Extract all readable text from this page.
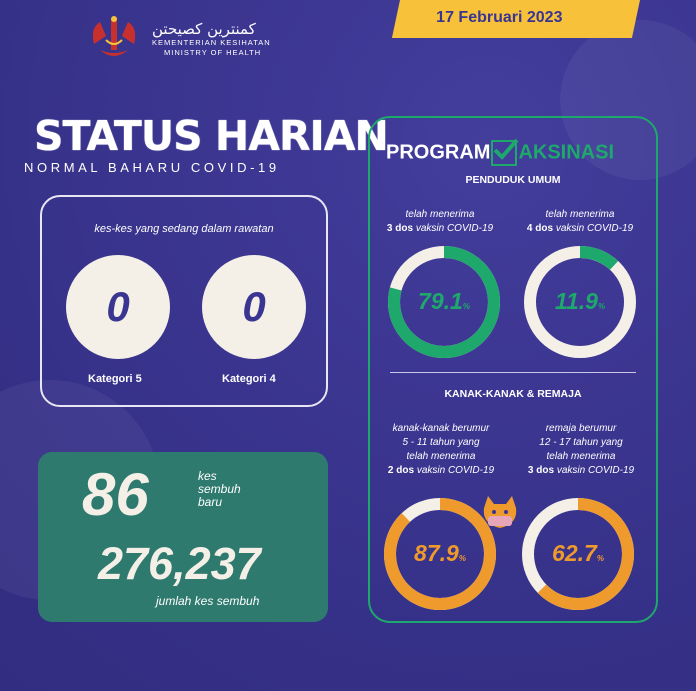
کمنترين کصيحتن
KEMENTERIAN KESIHATAN
MINISTRY OF HEALTH
17 Februari 2023
STATUS HARIAN
NORMAL BAHARU COVID-19
kes-kes yang sedang dalam rawatan
0	0
Kategori 5	Kategori 4
86	kes
sembuh
baru
276,237
jumlah kes sembuh
PROGRAM AKSINASI
PENDUDUK UMUM
telah menerima
3 dos vaksin COVID-19
telah menerima
4 dos vaksin COVID-19
79.1%	11.9%
KANAK-KANAK & REMAJA
kanak-kanak berumur
5 - 11 tahun yang
telah menerima
2 dos vaksin COVID-19
remaja berumur
12 - 17 tahun yang
telah menerima
3 dos vaksin COVID-19
87.9%	62.7%
